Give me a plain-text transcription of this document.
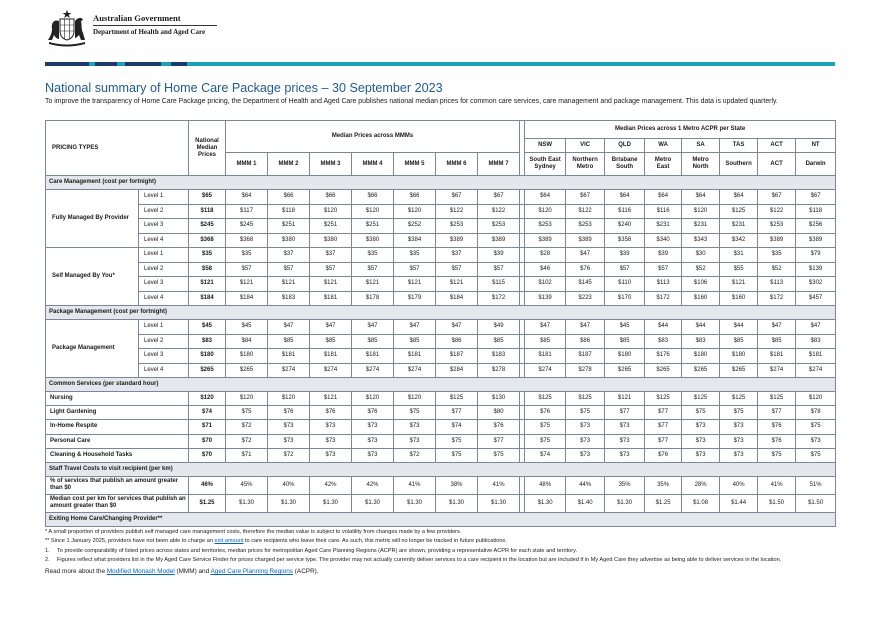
Australian Government
Department of Health and Aged Care
National summary of Home Care Package prices – 30 September 2023
To improve the transparency of Home Care Package pricing, the Department of Health and Aged Care publishes national median prices for common care services, care management and package management. This data is updated quarterly.
PRICING TYPES		National Median Prices	Median Prices across MMMs								Median Prices across 1 Metro ACPR per State							
											NSW	VIC	QLD	WA	SA	TAS	ACT	NT
			MMM 1	MMM 2	MMM 3	MMM 4	MMM 5	MMM 6	MMM 7		South East Sydney	Northern Metro	Brisbane South	Metro East	Metro North	Southern	ACT	Darwin
Care Management (cost per fortnight)																		
Fully Managed By Provider	Level 1	$65	$64	$66	$66	$66	$66	$67	$67		$64	$67	$64	$64	$64	$64	$67	$67
	Level 2	$118	$117	$118	$120	$120	$120	$122	$122		$120	$122	$116	$116	$120	$125	$122	$118
	Level 3	$245	$245	$251	$251	$251	$252	$253	$253		$253	$253	$240	$231	$231	$231	$253	$256
	Level 4	$368	$368	$380	$380	$380	$384	$389	$389		$389	$389	$358	$340	$343	$342	$389	$389
Self Managed By You*	Level 1	$35	$35	$37	$37	$35	$35	$37	$39		$28	$47	$39	$39	$30	$31	$35	$79
	Level 2	$58	$57	$57	$57	$57	$57	$57	$57		$46	$76	$57	$57	$52	$55	$52	$139
	Level 3	$121	$121	$121	$121	$121	$121	$121	$115		$102	$145	$110	$113	$106	$121	$113	$302
	Level 4	$184	$184	$183	$181	$178	$179	$184	$172		$139	$223	$170	$172	$160	$160	$172	$457
Package Management (cost per fortnight)																		
Package Management	Level 1	$45	$45	$47	$47	$47	$47	$47	$49		$47	$47	$45	$44	$44	$44	$47	$47
	Level 2	$83	$84	$85	$85	$85	$85	$86	$85		$85	$86	$85	$83	$83	$85	$85	$83
	Level 3	$180	$180	$181	$181	$181	$181	$187	$183		$181	$187	$180	$176	$180	$180	$181	$181
	Level 4	$265	$265	$274	$274	$274	$274	$284	$278		$274	$278	$265	$265	$265	$265	$274	$274
Common Services (per standard hour)																		
Nursing		$120	$120	$120	$121	$120	$120	$125	$130		$125	$125	$121	$125	$125	$125	$125	$120
Light Gardening		$74	$75	$76	$76	$76	$75	$77	$80		$76	$75	$77	$77	$75	$75	$77	$78
In-Home Respite		$71	$72	$73	$73	$73	$73	$74	$76		$75	$73	$73	$77	$73	$73	$76	$75
Personal Care		$70	$72	$73	$73	$73	$73	$75	$77		$75	$73	$73	$77	$73	$73	$76	$73
Cleaning & Household Tasks		$70	$71	$72	$73	$73	$72	$75	$75		$74	$73	$73	$76	$73	$73	$75	$75
Staff Travel Costs to visit recipient (per km)																		
% of services that publish an amount greater than $0		46%	45%	40%	42%	42%	41%	38%	41%		48%	44%	35%	35%	28%	40%	41%	51%
Median cost per km for services that publish an amount greater than $0		$1.25	$1.30	$1.30	$1.30	$1.30	$1.30	$1.30	$1.30		$1.30	$1.40	$1.30	$1.25	$1.08	$1.44	$1.50	$1.50
Exiting Home Care/Changing Provider**																		
* A small proportion of providers publish self managed care management costs, therefore the median value is subject to volatility from changes made by a few providers.
** Since 1 January 2025, providers have not been able to charge an exit amount to care recipients who leave their care. As such, this metric will no longer be tracked in future publications.
1.	To provide comparability of listed prices across states and territories, median prices for metropolitan Aged Care Planning Regions (ACPR) are shown, providing a representative ACPR for each state and territory.
2.	Figures reflect what providers list in the My Aged Care Service Finder for prices charged per service type. The provider may not actually currently deliver services to a care recipient in the location but are included if in My Aged Care they advertise as being able to deliver services in the location.
Read more about the Modified Monash Model (MMM) and Aged Care Planning Regions (ACPR).
